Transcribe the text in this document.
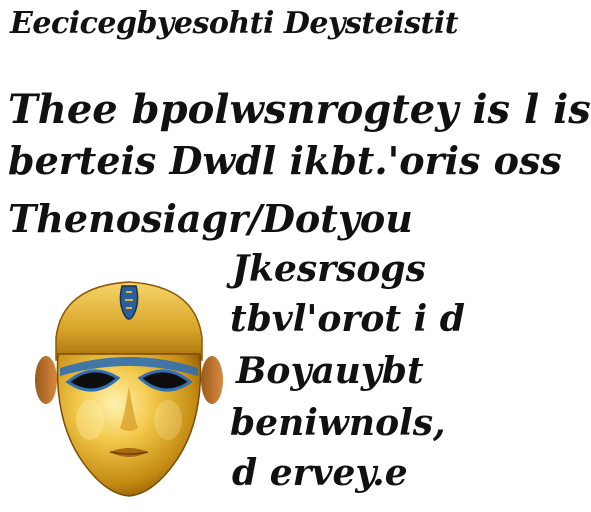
Eecicegbyesohti Deysteistit
Thee bpolwsnrogtey is l is
berteis Dwdl ikbt.'oris oss
Thenosiagr/Dotyou
Jkesrsogs
tbvl'orot i d
Boyauybt
beniwnols,
d ervey.e
